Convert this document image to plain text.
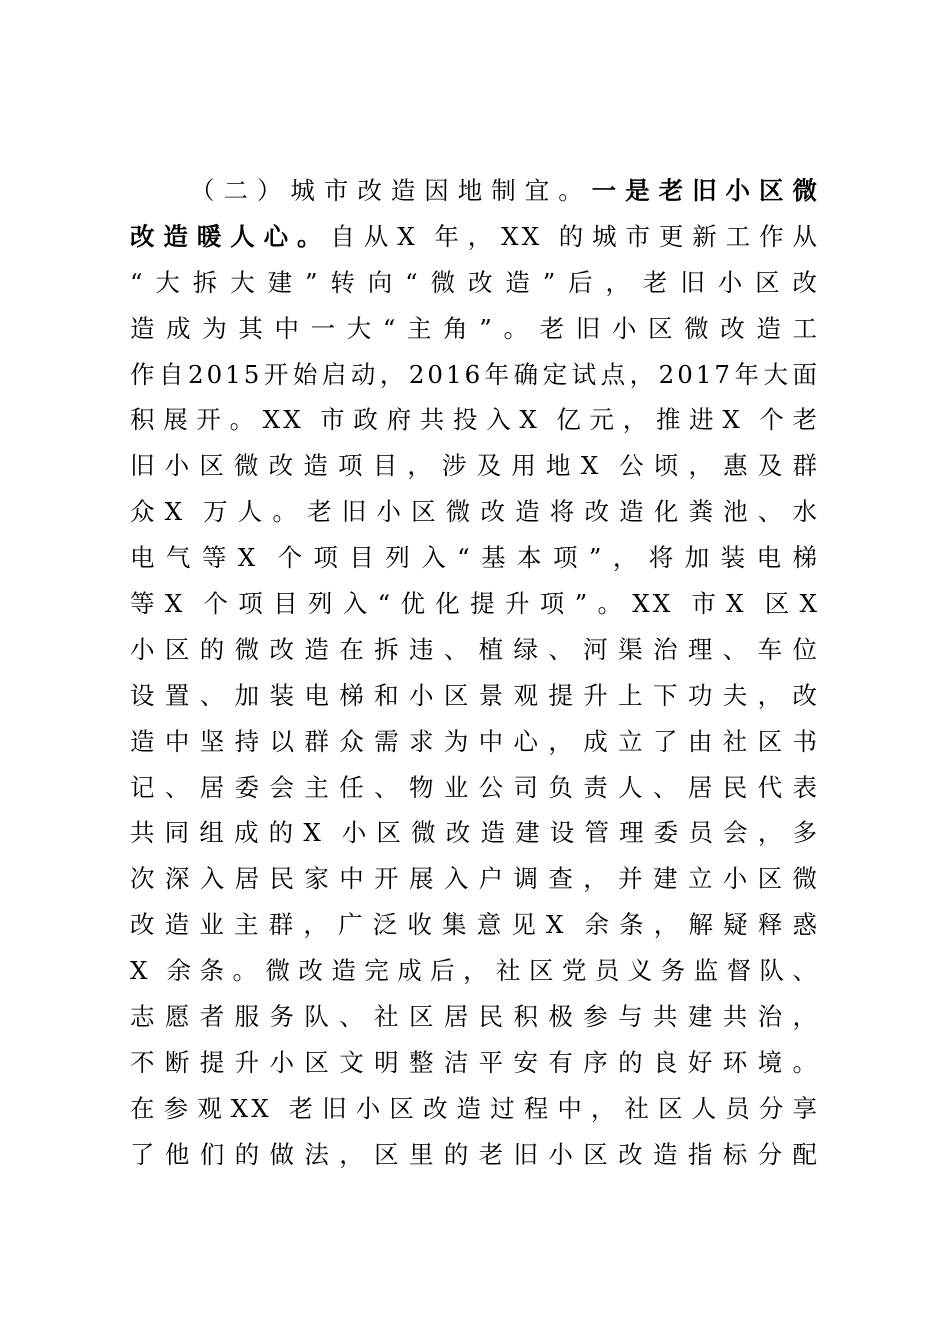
（二）城市改造因地制宜。一是老旧小区微
改造暖人心。自从X 年，XX 的城市更新工作从
“大拆大建”转向“微改造”后，老旧小区改
造成为其中一大“主角”。老旧小区微改造工
作自2015开始启动，2016年确定试点，2017年大面
积展开。XX 市政府共投入X 亿元，推进X 个老
旧小区微改造项目，涉及用地X 公顷，惠及群
众X 万人。老旧小区微改造将改造化粪池、水
电气等X 个项目列入“基本项”，将加装电梯
等X 个项目列入“优化提升项”。XX 市X 区X
小区的微改造在拆违、植绿、河渠治理、车位
设置、加装电梯和小区景观提升上下功夫，改
造中坚持以群众需求为中心，成立了由社区书
记、居委会主任、物业公司负责人、居民代表
共同组成的X 小区微改造建设管理委员会，多
次深入居民家中开展入户调查，并建立小区微
改造业主群，广泛收集意见X 余条，解疑释惑
X 余条。微改造完成后，社区党员义务监督队、
志愿者服务队、社区居民积极参与共建共治，
不断提升小区文明整洁平安有序的良好环境。
在参观XX 老旧小区改造过程中，社区人员分享
了他们的做法，区里的老旧小区改造指标分配
